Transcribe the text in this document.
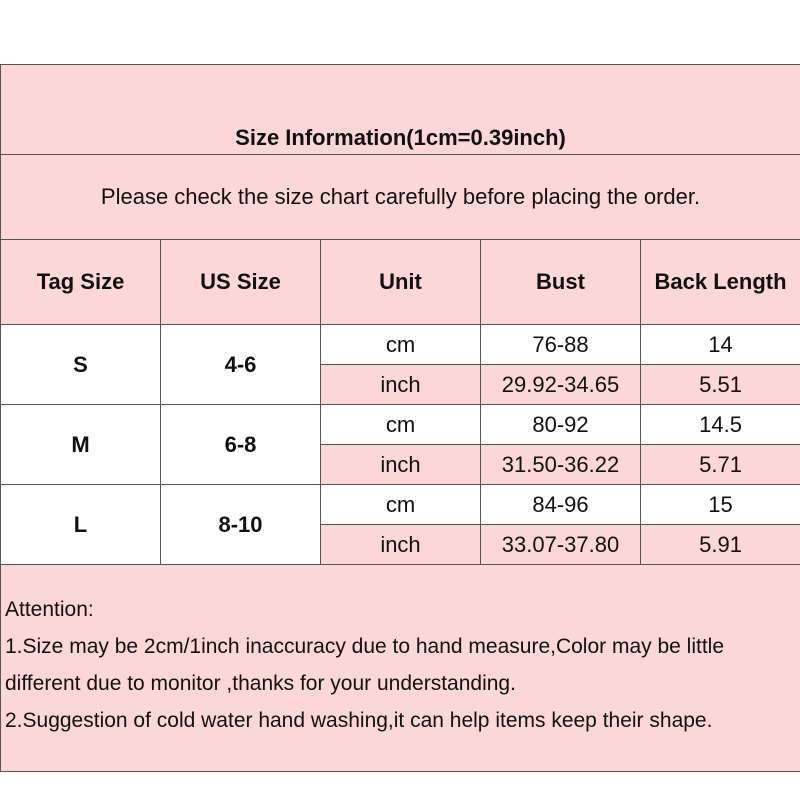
Size Information(1cm=0.39inch)				
Please check the size chart carefully before placing the order.				
Tag Size	US Size	Unit	Bust	Back Length
S	4-6	cm	76-88	14
		inch	29.92-34.65	5.51
M	6-8	cm	80-92	14.5
		inch	31.50-36.22	5.71
L	8-10	cm	84-96	15
		inch	33.07-37.80	5.91

Attention:
1.Size may be 2cm/1inch inaccuracy due to hand measure,Color may be little
different due to monitor ,thanks for your understanding.
2.Suggestion of cold water hand washing,it can help items keep their shape.				
